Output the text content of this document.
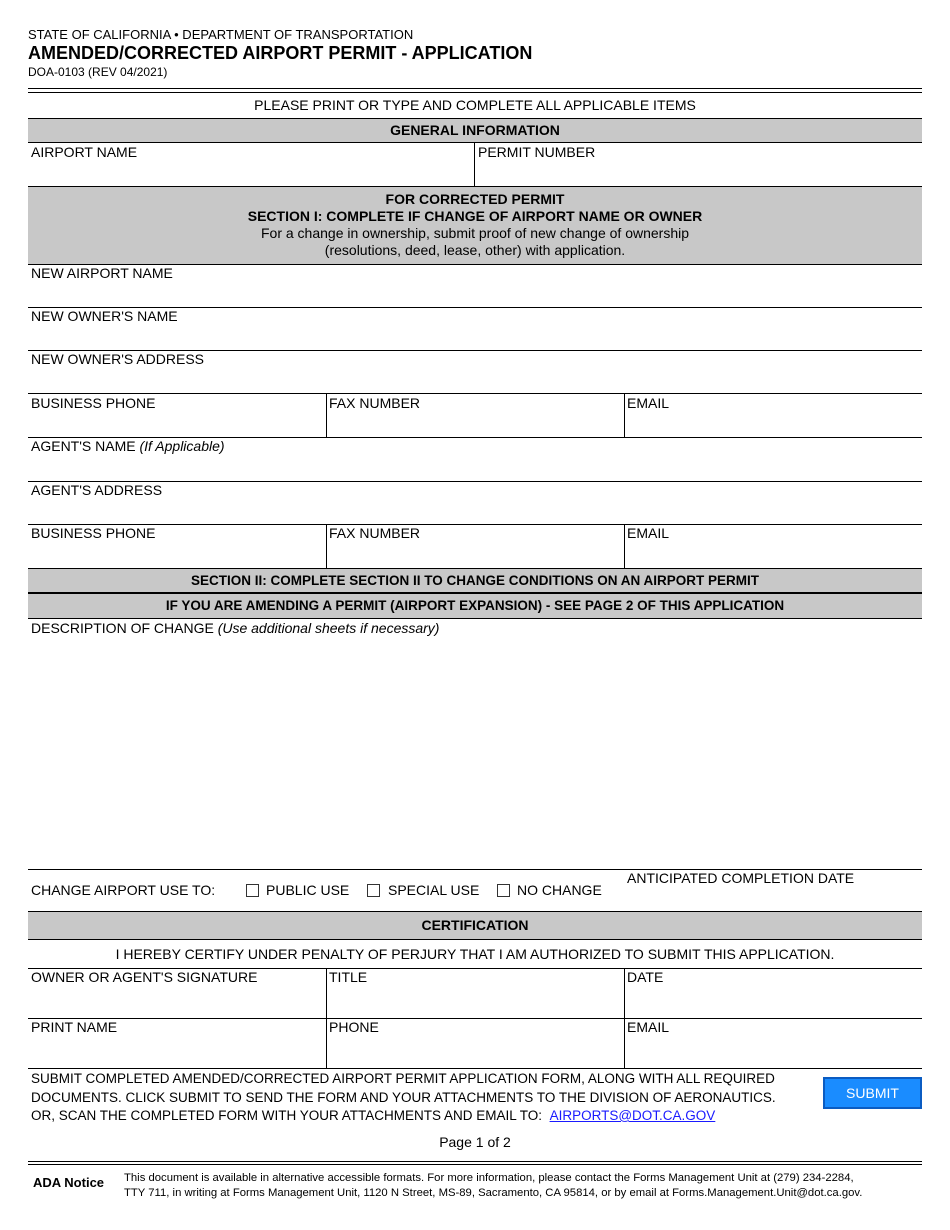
STATE OF CALIFORNIA • DEPARTMENT OF TRANSPORTATION
AMENDED/CORRECTED AIRPORT PERMIT - APPLICATION
DOA-0103 (REV 04/2021)
PLEASE PRINT OR TYPE AND COMPLETE ALL APPLICABLE ITEMS
GENERAL INFORMATION
AIRPORT NAME	PERMIT NUMBER
FOR CORRECTED PERMIT
SECTION I: COMPLETE IF CHANGE OF AIRPORT NAME OR OWNER
For a change in ownership, submit proof of new change of ownership
(resolutions, deed, lease, other) with application.
NEW AIRPORT NAME
NEW OWNER'S NAME
NEW OWNER'S ADDRESS
BUSINESS PHONE	FAX NUMBER	EMAIL
AGENT'S NAME (If Applicable)
AGENT'S ADDRESS
BUSINESS PHONE	FAX NUMBER	EMAIL
SECTION II: COMPLETE SECTION II TO CHANGE CONDITIONS ON AN AIRPORT PERMIT
IF YOU ARE AMENDING A PERMIT (AIRPORT EXPANSION) - SEE PAGE 2 OF THIS APPLICATION
DESCRIPTION OF CHANGE (Use additional sheets if necessary)
CHANGE AIRPORT USE TO:	PUBLIC USE	SPECIAL USE	NO CHANGE
ANTICIPATED COMPLETION DATE
CERTIFICATION
I HEREBY CERTIFY UNDER PENALTY OF PERJURY THAT I AM AUTHORIZED TO SUBMIT THIS APPLICATION.
OWNER OR AGENT'S SIGNATURE	TITLE	DATE
PRINT NAME	PHONE	EMAIL
SUBMIT COMPLETED AMENDED/CORRECTED AIRPORT PERMIT APPLICATION FORM, ALONG WITH ALL REQUIRED
DOCUMENTS. CLICK SUBMIT TO SEND THE FORM AND YOUR ATTACHMENTS TO THE DIVISION OF AERONAUTICS.
OR, SCAN THE COMPLETED FORM WITH YOUR ATTACHMENTS AND EMAIL TO: AIRPORTS@DOT.CA.GOV
SUBMIT
Page 1 of 2
ADA Notice This document is available in alternative accessible formats. For more information, please contact the Forms Management Unit at (279) 234-2284,
TTY 711, in writing at Forms Management Unit, 1120 N Street, MS-89, Sacramento, CA 95814, or by email at Forms.Management.Unit@dot.ca.gov.
